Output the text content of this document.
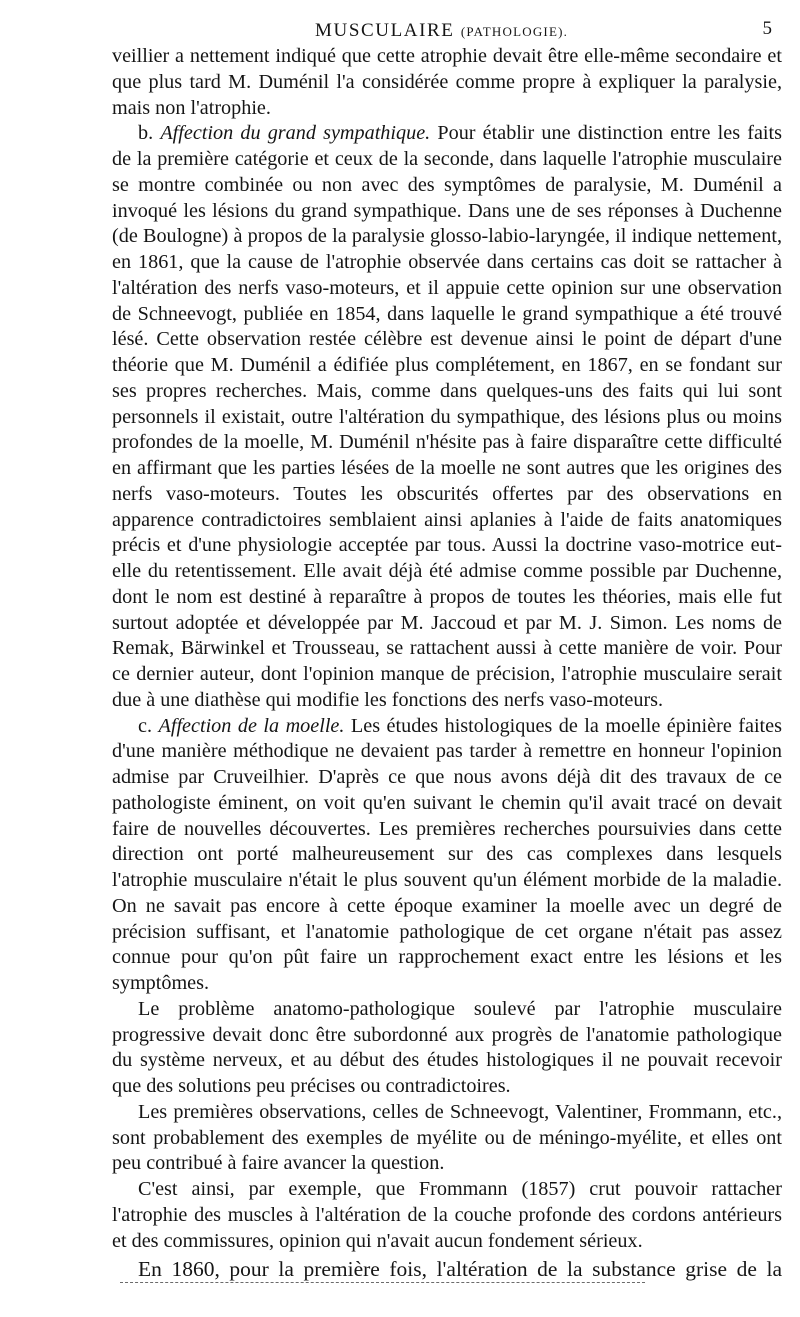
MUSCULAIRE (PATHOLOGIE).	5

veillier a nettement indiqué que cette atrophie devait être elle-même secondaire et que plus tard M. Duménil l'a considérée comme propre à expliquer la paralysie, mais non l'atrophie.

b. Affection du grand sympathique. Pour établir une distinction entre les faits de la première catégorie et ceux de la seconde, dans laquelle l'atrophie musculaire se montre combinée ou non avec des symptômes de paralysie, M. Duménil a invoqué les lésions du grand sympathique. Dans une de ses réponses à Duchenne (de Boulogne) à propos de la paralysie glosso-labio-laryngée, il indique nettement, en 1861, que la cause de l'atrophie observée dans certains cas doit se rattacher à l'altération des nerfs vaso-moteurs, et il appuie cette opinion sur une observation de Schneevogt, publiée en 1854, dans laquelle le grand sympathique a été trouvé lésé. Cette observation restée célèbre est devenue ainsi le point de départ d'une théorie que M. Duménil a édifiée plus complétement, en 1867, en se fondant sur ses propres recherches. Mais, comme dans quelques-uns des faits qui lui sont personnels il existait, outre l'altération du sympathique, des lésions plus ou moins profondes de la moelle, M. Duménil n'hésite pas à faire disparaître cette difficulté en affirmant que les parties lésées de la moelle ne sont autres que les origines des nerfs vaso-moteurs. Toutes les obscurités offertes par des observations en apparence contradictoires semblaient ainsi aplanies à l'aide de faits anatomiques précis et d'une physiologie acceptée par tous. Aussi la doctrine vaso-motrice eut-elle du retentissement. Elle avait déjà été admise comme possible par Duchenne, dont le nom est destiné à reparaître à propos de toutes les théories, mais elle fut surtout adoptée et développée par M. Jaccoud et par M. J. Simon. Les noms de Remak, Bärwinkel et Trousseau, se rattachent aussi à cette manière de voir. Pour ce dernier auteur, dont l'opinion manque de précision, l'atrophie musculaire serait due à une diathèse qui modifie les fonctions des nerfs vaso-moteurs.

c. Affection de la moelle. Les études histologiques de la moelle épinière faites d'une manière méthodique ne devaient pas tarder à remettre en honneur l'opinion admise par Cruveilhier. D'après ce que nous avons déjà dit des travaux de ce pathologiste éminent, on voit qu'en suivant le chemin qu'il avait tracé on devait faire de nouvelles découvertes. Les premières recherches poursuivies dans cette direction ont porté malheureusement sur des cas complexes dans lesquels l'atrophie musculaire n'était le plus souvent qu'un élément morbide de la maladie. On ne savait pas encore à cette époque examiner la moelle avec un degré de précision suffisant, et l'anatomie pathologique de cet organe n'était pas assez connue pour qu'on pût faire un rapprochement exact entre les lésions et les symptômes.

Le problème anatomo-pathologique soulevé par l'atrophie musculaire progressive devait donc être subordonné aux progrès de l'anatomie pathologique du système nerveux, et au début des études histologiques il ne pouvait recevoir que des solutions peu précises ou contradictoires.

Les premières observations, celles de Schneevogt, Valentiner, Frommann, etc., sont probablement des exemples de myélite ou de méningo-myélite, et elles ont peu contribué à faire avancer la question.

C'est ainsi, par exemple, que Frommann (1857) crut pouvoir rattacher l'atrophie des muscles à l'altération de la couche profonde des cordons antérieurs et des commissures, opinion qui n'avait aucun fondement sérieux.

En 1860, pour la première fois, l'altération de la substance grise de la
